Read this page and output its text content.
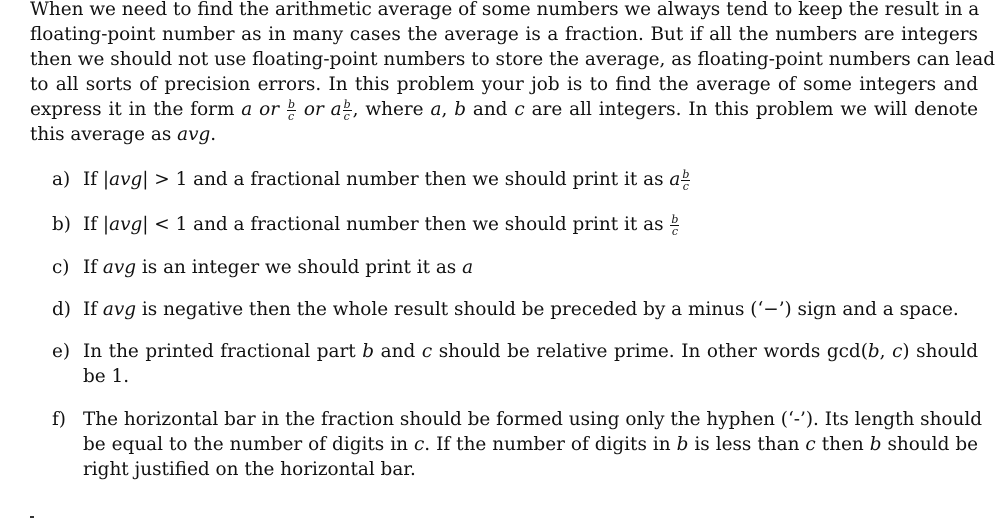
When we need to find the arithmetic average of some numbers we always tend to keep the result in a
floating-point number as in many cases the average is a fraction. But if all the numbers are integers
then we should not use floating-point numbers to store the average, as floating-point numbers can lead
to all sorts of precision errors. In this problem your job is to find the average of some integers and
express it in the form a or $\frac{b}{c}$ or a $\frac{b}{c}$ , where a, b and c are all integers. In this problem we will denote
this average as avg.
a) If |avg| > 1 and a fractional number then we should print it as a $\frac{b}{c}$
b) If |avg| < 1 and a fractional number then we should print it as $\frac{b}{c}$
c) If avg is an integer we should print it as a
d) If avg is negative then the whole result should be preceded by a minus (‘−’) sign and a space.
e) In the printed fractional part b and c should be relative prime. In other words gcd(b, c) should
be 1.
f) The horizontal bar in the fraction should be formed using only the hyphen (‘-’). Its length should
be equal to the number of digits in c. If the number of digits in b is less than c then b should be
right justified on the horizontal bar.
